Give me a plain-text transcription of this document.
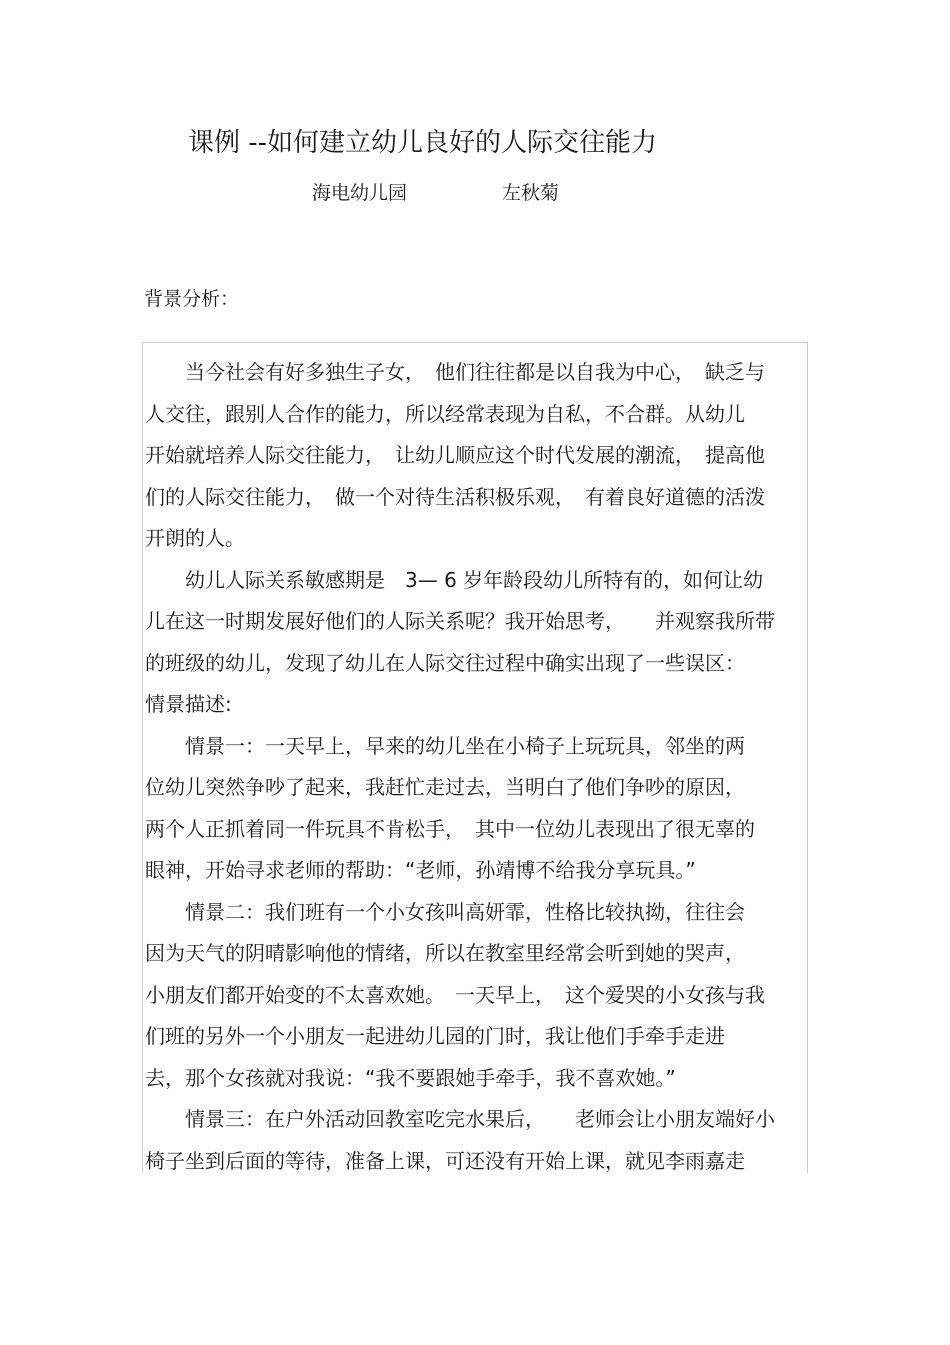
课例 --如何建立幼儿良好的人际交往能力
海电幼儿园	左秋菊
背景分析：
　　当今社会有好多独生子女，　他们往往都是以自我为中心，　缺乏与
人交往，跟别人合作的能力，所以经常表现为自私，不合群。从幼儿
开始就培养人际交往能力，　让幼儿顺应这个时代发展的潮流，　提高他
们的人际交往能力，　做一个对待生活积极乐观，　有着良好道德的活泼
开朗的人。
　　幼儿人际关系敏感期是　3— 6 岁年龄段幼儿所特有的，如何让幼
儿在这一时期发展好他们的人际关系呢？我开始思考，　　并观察我所带
的班级的幼儿，发现了幼儿在人际交往过程中确实出现了一些误区：
情景描述:
　　情景一：一天早上，早来的幼儿坐在小椅子上玩玩具，邻坐的两
位幼儿突然争吵了起来，我赶忙走过去，当明白了他们争吵的原因，
两个人正抓着同一件玩具不肯松手，　其中一位幼儿表现出了很无辜的
眼神，开始寻求老师的帮助：“老师，孙靖博不给我分享玩具。”
　　情景二：我们班有一个小女孩叫高妍霏，性格比较执拗，往往会
因为天气的阴晴影响他的情绪，所以在教室里经常会听到她的哭声，
小朋友们都开始变的不太喜欢她。　一天早上，　这个爱哭的小女孩与我
们班的另外一个小朋友一起进幼儿园的门时，我让他们手牵手走进
去，那个女孩就对我说：“我不要跟她手牵手，我不喜欢她。”
　　情景三：在户外活动回教室吃完水果后，　　老师会让小朋友端好小
椅子坐到后面的等待，准备上课，可还没有开始上课，就见李雨嘉走
